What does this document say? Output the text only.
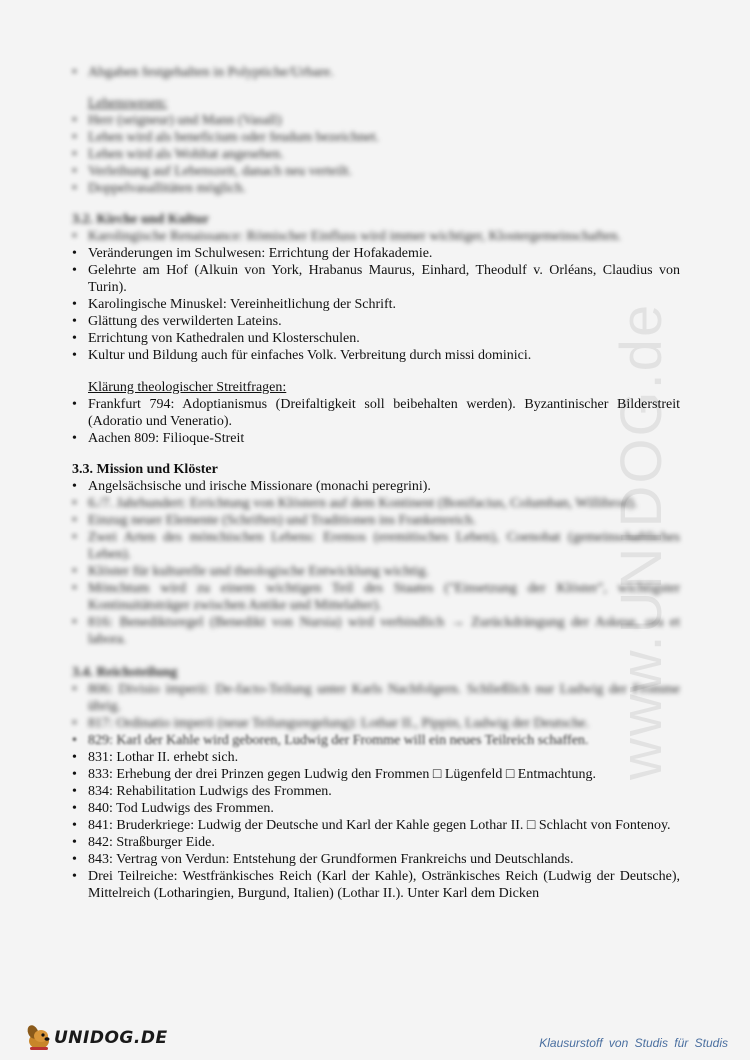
www.UNIDOG.de
• Abgaben festgehalten in Polyptiche/Urbare.
Lehenswesen:
• Herr (seigneur) und Mann (Vasall)
• Lehen wird als beneficium oder feudum bezeichnet.
• Lehen wird als Wohltat angesehen.
• Verleihung auf Lebenszeit, danach neu verteilt.
• Doppelvasallitäten möglich.
3.2. Kirche und Kultur
• Karolingische Renaissance: Römischer Einfluss wird immer wichtiger, Klostergemeinschaften.
• Veränderungen im Schulwesen: Errichtung der Hofakademie.
• Gelehrte am Hof (Alkuin von York, Hrabanus Maurus, Einhard, Theodulf v. Orléans, Claudius von Turin).
• Karolingische Minuskel: Vereinheitlichung der Schrift.
• Glättung des verwilderten Lateins.
• Errichtung von Kathedralen und Klosterschulen.
• Kultur und Bildung auch für einfaches Volk. Verbreitung durch missi dominici.
Klärung theologischer Streitfragen:
• Frankfurt 794: Adoptianismus (Dreifaltigkeit soll beibehalten werden). Byzantinischer Bilderstreit (Adoratio und Veneratio).
• Aachen 809: Filioque-Streit
3.3. Mission und Klöster
• Angelsächsische und irische Missionare (monachi peregrini).
• 6./7. Jahrhundert: Errichtung von Klöstern auf dem Kontinent (Bonifacius, Columban, Willibrod).
• Einzug neuer Elemente (Schriften) und Traditionen ins Frankenreich.
• Zwei Arten des mönchischen Lebens: Eremos (eremitisches Leben), Coenobat (gemeinschaftliches Leben).
• Klöster für kulturelle und theologische Entwicklung wichtig.
• Mönchtum wird zu einem wichtigen Teil des Staates ("Einsetzung der Klöster", wichtigster Kontinuitätsträger zwischen Antike und Mittelalter).
• 816: Benediktsregel (Benedikt von Nursia) wird verbindlich → Zurückdrängung der Askese, ora et labora.
3.4. Reichsteilung
• 806: Divisio imperii: De-facto-Teilung unter Karls Nachfolgern. Schließlich nur Ludwig der Fromme übrig.
• 817: Ordinatio imperii (neue Teilungsregelung): Lothar II., Pippin, Ludwig der Deutsche.
• 829: Karl der Kahle wird geboren, Ludwig der Fromme will ein neues Teilreich schaffen.
• 831: Lothar II. erhebt sich.
• 833: Erhebung der drei Prinzen gegen Ludwig den Frommen □ Lügenfeld □ Entmachtung.
• 834: Rehabilitation Ludwigs des Frommen.
• 840: Tod Ludwigs des Frommen.
• 841: Bruderkriege: Ludwig der Deutsche und Karl der Kahle gegen Lothar II. □ Schlacht von Fontenoy.
• 842: Straßburger Eide.
• 843: Vertrag von Verdun: Entstehung der Grundformen Frankreichs und Deutschlands.
• Drei Teilreiche: Westfränkisches Reich (Karl der Kahle), Ostränkisches Reich (Ludwig der Deutsche), Mittelreich (Lotharingien, Burgund, Italien) (Lothar II.). Unter Karl dem Dicken
UNIDOG.DE	Klausurstoff von Studis für Studis
